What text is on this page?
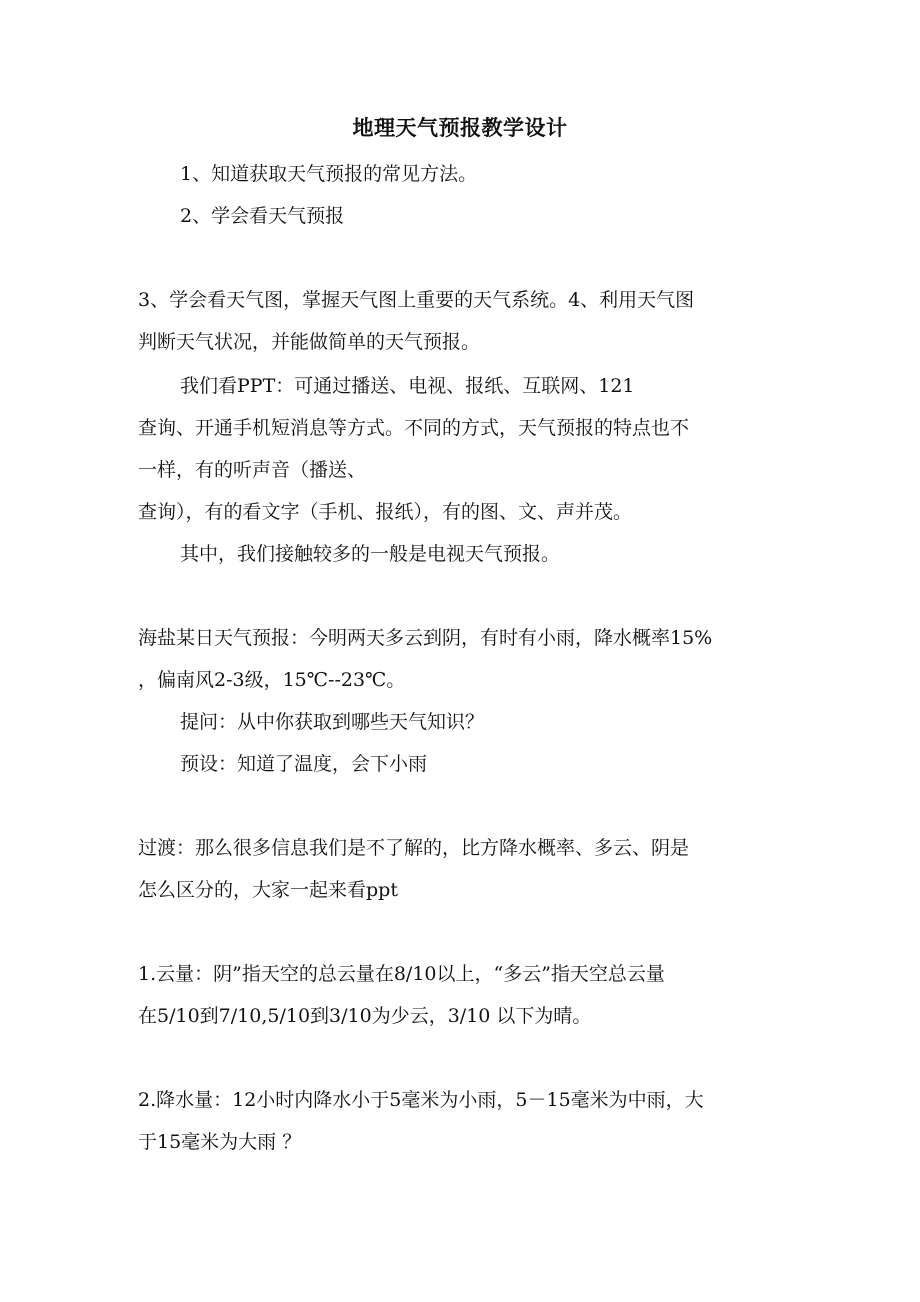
地理天气预报教学设计
1、知道获取天气预报的常见方法。
2、学会看天气预报
3、学会看天气图，掌握天气图上重要的天气系统。4、利用天气图
判断天气状况，并能做简单的天气预报。
我们看PPT：可通过播送、电视、报纸、互联网、121
查询、开通手机短消息等方式。不同的方式，天气预报的特点也不
一样，有的听声音（播送、
查询），有的看文字（手机、报纸），有的图、文、声并茂。
其中，我们接触较多的一般是电视天气预报。
海盐某日天气预报：今明两天多云到阴，有时有小雨，降水概率15%
，偏南风2-3级，15℃--23℃。
提问：从中你获取到哪些天气知识？
预设：知道了温度，会下小雨
过渡：那么很多信息我们是不了解的，比方降水概率、多云、阴是
怎么区分的，大家一起来看ppt
1.云量：阴”指天空的总云量在8/10以上，“多云”指天空总云量
在5/10到7/10,5/10到3/10为少云，3/10 以下为晴。
2.降水量：12小时内降水小于5毫米为小雨，5－15毫米为中雨，大
于15毫米为大雨 ？
